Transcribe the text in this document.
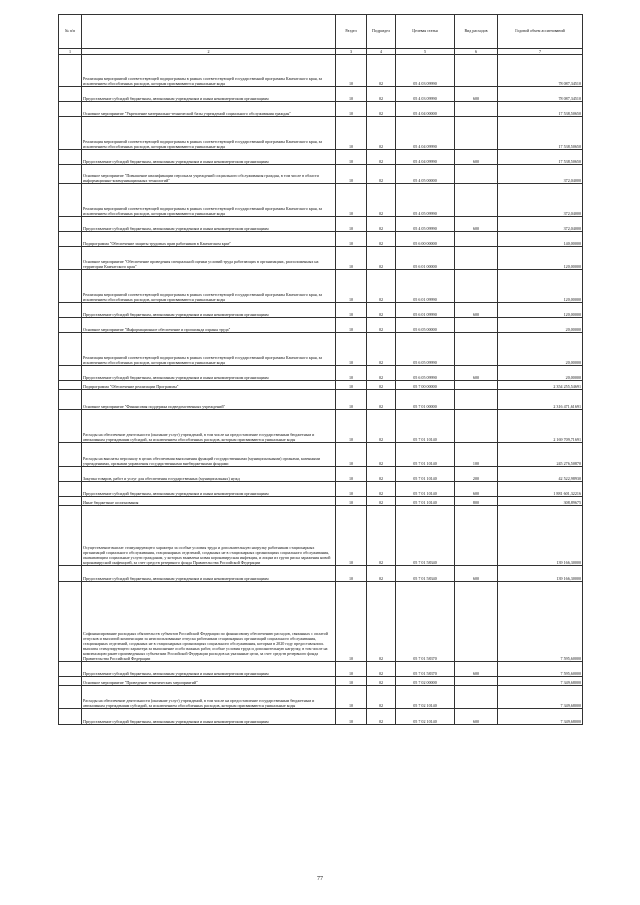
№ п/п		Раздел	Подраздел	Целевая статья	Вид расходов	Годовой объем ассигнований
1	2	3	4	5	6	7
	Реализация мероприятий соответствующей подпрограммы в рамках соответствующей государственной программы Камчатского края, за исключением обособленных расходов, которым присваиваются уникальные коды	10	02	05 4 03 09990		78 087,34510
	Предоставление субсидий бюджетным, автономным учреждениям и иным некоммерческим организациям	10	02	05 4 03 09990	600	78 087,34510
	Основное мероприятие "Укрепление материально-технической базы учреждений социального обслуживания граждан"	10	02	05 4 04 00000		17 538,50650
	Реализация мероприятий соответствующей подпрограммы в рамках соответствующей государственной программы Камчатского края, за исключением обособленных расходов, которым присваиваются уникальные коды	10	02	05 4 04 09990		17 538,50650
	Предоставление субсидий бюджетным, автономным учреждениям и иным некоммерческим организациям	10	02	05 4 04 09990	600	17 538,50650
	Основное мероприятие "Повышение квалификации персонала учреждений социального обслуживания граждан, в том числе в области информационно-коммуникационных технологий"	10	02	05 4 05 00000		372,04000
	Реализация мероприятий соответствующей подпрограммы в рамках соответствующей государственной программы Камчатского края, за исключением обособленных расходов, которым присваиваются уникальные коды	10	02	05 4 05 09990		372,04000
	Предоставление субсидий бюджетным, автономным учреждениям и иным некоммерческим организациям	10	02	05 4 05 09990	600	372,04000
	Подпрограмма "Обеспечение защиты трудовых прав работников в Камчатском крае"	10	02	05 6 00 00000		140,00000
	Основное мероприятие "Обеспечение проведения специальной оценки условий труда работающих в организациях, расположенных на территории Камчатского края"	10	02	05 6 01 00000		120,00000
	Реализация мероприятий соответствующей подпрограммы в рамках соответствующей государственной программы Камчатского края, за исключением обособленных расходов, которым присваиваются уникальные коды	10	02	05 6 01 09990		120,00000
	Предоставление субсидий бюджетным, автономным учреждениям и иным некоммерческим организациям	10	02	05 6 01 09990	600	120,00000
	Основное мероприятие "Информационное обеспечение и пропаганда охраны труда"	10	02	05 6 05 00000		20,00000
	Реализация мероприятий соответствующей подпрограммы в рамках соответствующей государственной программы Камчатского края, за исключением обособленных расходов, которым присваиваются уникальные коды	10	02	05 6 05 09990		20,00000
	Предоставление субсидий бюджетным, автономным учреждениям и иным некоммерческим организациям	10	02	05 6 05 09990	600	20,00000
	Подпрограмма "Обеспечение реализации Программы"	10	02	05 7 00 00000		2 354 255,54691
	Основное мероприятие "Финансовая поддержка подведомственных учреждений"	10	02	05 7 01 00000		2 316 471,61691
	Расходы на обеспечение деятельности (оказание услуг) учреждений, в том числе на предоставление государственным бюджетным и автономным учреждениям субсидий, за исключением обособленных расходов, которым присваиваются уникальные коды	10	02	05 7 01 10140		2 169 709,71691
	Расходы на выплаты персоналу в целях обеспечения выполнения функций государственными (муниципальными) органами, казенными учреждениями, органами управления государственными внебюджетными фондами	10	02	05 7 01 10140	100	245 276,50870
	Закупка товаров, работ и услуг для обеспечения государственных (муниципальных) нужд	10	02	05 7 01 10140	200	42 522,98930
	Предоставление субсидий бюджетным, автономным учреждениям и иным некоммерческим организациям	10	02	05 7 01 10140	600	1 881 601,32216
	Иные бюджетные ассигнования	10	02	05 7 01 10140	800	308,89675
	Осуществление выплат стимулирующего характера за особые условия труда и дополнительную нагрузку работникам стационарных организаций социального обслуживания, стационарных отделений, созданных не в стационарных организациях социального обслуживания, оказывающим социальные услуги гражданам, у которых выявлена новая коронавирусная инфекция, и лицам из групп риска заражения новой коронавирусной инфекцией, за счет средств резервного фонда Правительства Российской Федерации	10	02	05 7 01 58340		139 166,30000
	Предоставление субсидий бюджетным, автономным учреждениям и иным некоммерческим организациям	10	02	05 7 01 58340	600	139 166,30000
	Софинансирование расходных обязательств субъектов Российской Федерации по финансовому обеспечению расходов, связанных с оплатой отпусков и выплатой компенсации за неиспользованные отпуска работникам стационарных организаций социального обслуживания, стационарных отделений, созданных не в стационарных организациях социального обслуживания, которым в 2020 году предоставлялись выплаты стимулирующего характера за выполнение особо важных работ, особые условия труда и дополнительную нагрузку, в том числе на компенсацию ранее произведенных субъектами Российской Федерации расходов на указанные цели, за счет средств резервного фонда Правительства Российской Федерации	10	02	05 7 01 58370		7 595,60000
	Предоставление субсидий бюджетным, автономным учреждениям и иным некоммерческим организациям	10	02	05 7 01 58370	600	7 595,60000
	Основное мероприятие "Проведение тематических мероприятий"	10	02	05 7 02 00000		7 349,68000
	Расходы на обеспечение деятельности (оказание услуг) учреждений, в том числе на предоставление государственным бюджетным и автономным учреждениям субсидий, за исключением обособленных расходов, которым присваиваются уникальные коды	10	02	05 7 02 10140		7 349,68000
	Предоставление субсидий бюджетным, автономным учреждениям и иным некоммерческим организациям	10	02	05 7 02 10140	600	7 349,68000
77
